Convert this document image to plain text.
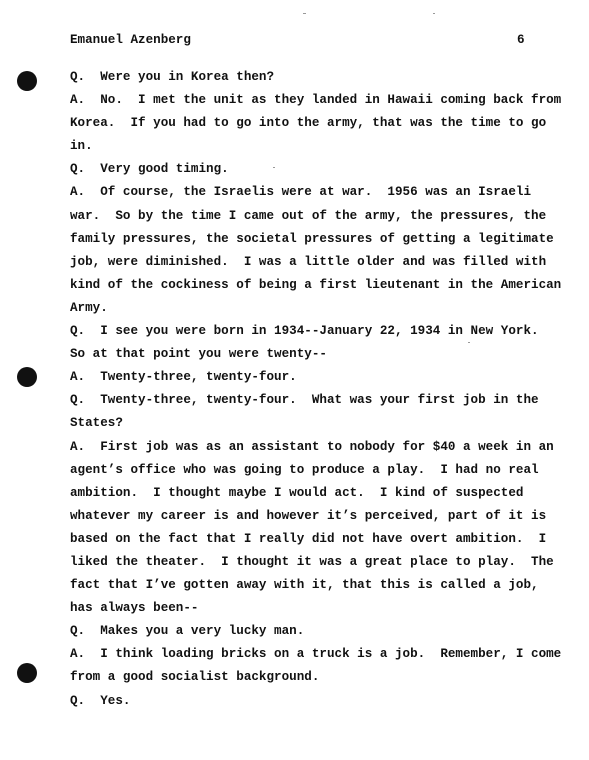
Emanuel Azenberg	6
Q.  Were you in Korea then?
A.  No.  I met the unit as they landed in Hawaii coming back from
Korea.  If you had to go into the army, that was the time to go
in.
Q.  Very good timing.
A.  Of course, the Israelis were at war.  1956 was an Israeli
war.  So by the time I came out of the army, the pressures, the
family pressures, the societal pressures of getting a legitimate
job, were diminished.  I was a little older and was filled with
kind of the cockiness of being a first lieutenant in the American
Army.
Q.  I see you were born in 1934--January 22, 1934 in New York.
So at that point you were twenty--
A.  Twenty-three, twenty-four.
Q.  Twenty-three, twenty-four.  What was your first job in the
States?
A.  First job was as an assistant to nobody for $40 a week in an
agent’s office who was going to produce a play.  I had no real
ambition.  I thought maybe I would act.  I kind of suspected
whatever my career is and however it’s perceived, part of it is
based on the fact that I really did not have overt ambition.  I
liked the theater.  I thought it was a great place to play.  The
fact that I’ve gotten away with it, that this is called a job,
has always been--
Q.  Makes you a very lucky man.
A.  I think loading bricks on a truck is a job.  Remember, I come
from a good socialist background.
Q.  Yes.
